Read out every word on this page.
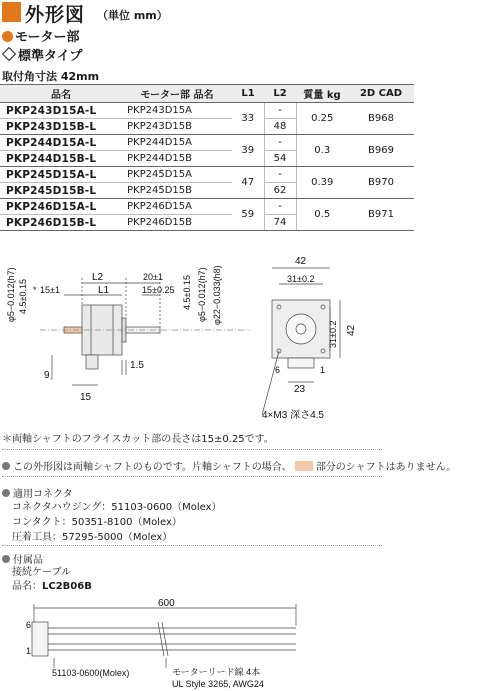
外形図 （単位 mm）
モーター部
標準タイプ
取付角寸法 42mm
品名	モーター部 品名	L1	L2	質量 kg	2D CAD
PKP243D15A-L	PKP243D15A	33	-	0.25	B968
PKP243D15B-L	PKP243D15B		48		
PKP244D15A-L	PKP244D15A	39	-	0.3	B969
PKP244D15B-L	PKP244D15B		54		
PKP245D15A-L	PKP245D15A	47	-	0.39	B970
PKP245D15B-L	PKP245D15B		62		
PKP246D15A-L	PKP246D15A	59	-	0.5	B971
PKP246D15B-L	PKP246D15B		74		
L2
L1
20±1
15±0.25
* 15±1
φ5−0.012(h7) 4.5±0.15	4.5±0.15 φ5−0.012(h7) φ22−0.033(h8)
1.5
9
15
42
31±0.2
31±0.2 42
23
6	1
4×M3 深さ4.5
＊両軸シャフトのフライスカット部の長さは15±0.25です。
この外形図は両軸シャフトのものです。片軸シャフトの場合、 部分のシャフトはありません。
適用コネクタ
コネクタハウジング：51103-0600（Molex）
コンタクト：50351-8100（Molex）
圧着工具：57295-5000（Molex）
付属品
接続ケーブル
品名：LC2B06B
600
6
1
51103-0600(Molex)	モーターリード線 4本
UL Style 3265, AWG24
